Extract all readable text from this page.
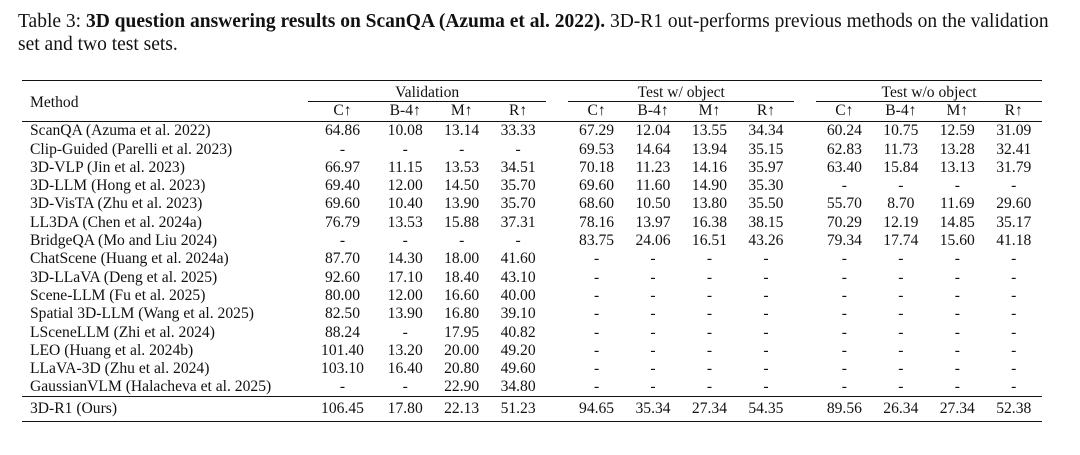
Table 3: 3D question answering results on ScanQA (Azuma et al. 2022). 3D-R1 out-performs previous methods on the validation set and two test sets.
Method	Validation					Test w/ object					Test w/o object			
	C↑	B-4↑	M↑	R↑		C↑	B-4↑	M↑	R↑		C↑	B-4↑	M↑	R↑
ScanQA (Azuma et al. 2022)	64.86	10.08	13.14	33.33		67.29	12.04	13.55	34.34		60.24	10.75	12.59	31.09
Clip-Guided (Parelli et al. 2023)	-	-	-	-		69.53	14.64	13.94	35.15		62.83	11.73	13.28	32.41
3D-VLP (Jin et al. 2023)	66.97	11.15	13.53	34.51		70.18	11.23	14.16	35.97		63.40	15.84	13.13	31.79
3D-LLM (Hong et al. 2023)	69.40	12.00	14.50	35.70		69.60	11.60	14.90	35.30		-	-	-	-
3D-VisTA (Zhu et al. 2023)	69.60	10.40	13.90	35.70		68.60	10.50	13.80	35.50		55.70	8.70	11.69	29.60
LL3DA (Chen et al. 2024a)	76.79	13.53	15.88	37.31		78.16	13.97	16.38	38.15		70.29	12.19	14.85	35.17
BridgeQA (Mo and Liu 2024)	-	-	-	-		83.75	24.06	16.51	43.26		79.34	17.74	15.60	41.18
ChatScene (Huang et al. 2024a)	87.70	14.30	18.00	41.60		-	-	-	-		-	-	-	-
3D-LLaVA (Deng et al. 2025)	92.60	17.10	18.40	43.10		-	-	-	-		-	-	-	-
Scene-LLM (Fu et al. 2025)	80.00	12.00	16.60	40.00		-	-	-	-		-	-	-	-
Spatial 3D-LLM (Wang et al. 2025)	82.50	13.90	16.80	39.10		-	-	-	-		-	-	-	-
LSceneLLM (Zhi et al. 2024)	88.24	-	17.95	40.82		-	-	-	-		-	-	-	-
LEO (Huang et al. 2024b)	101.40	13.20	20.00	49.20		-	-	-	-		-	-	-	-
LLaVA-3D (Zhu et al. 2024)	103.10	16.40	20.80	49.60		-	-	-	-		-	-	-	-
GaussianVLM (Halacheva et al. 2025)	-	-	22.90	34.80		-	-	-	-		-	-	-	-
3D-R1 (Ours)	106.45	17.80	22.13	51.23		94.65	35.34	27.34	54.35		89.56	26.34	27.34	52.38
